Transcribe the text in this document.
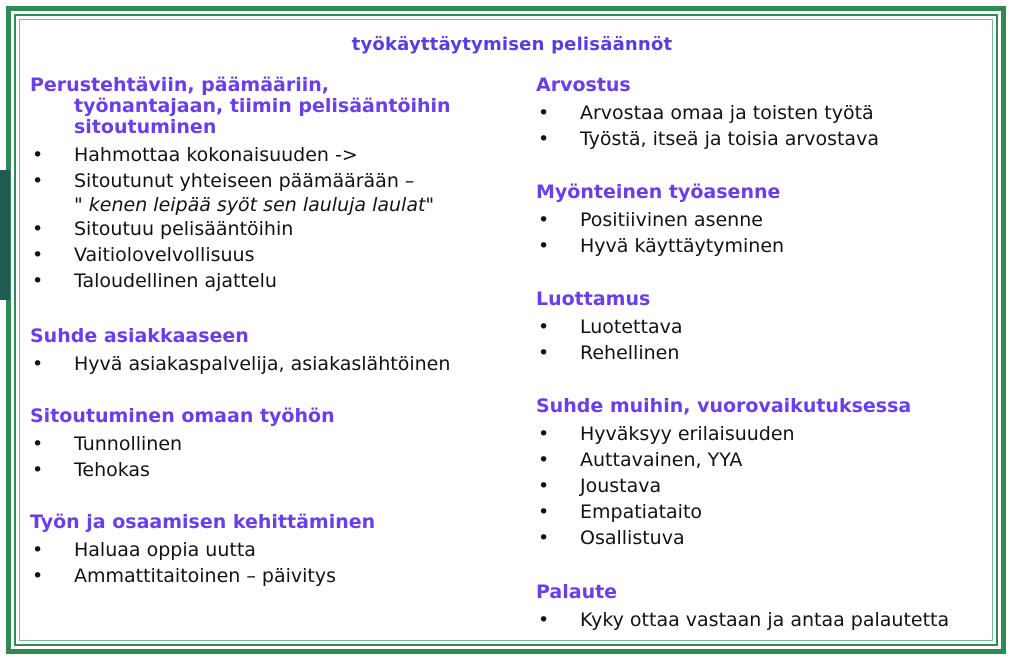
työkäyttäytymisen pelisäännöt
Perustehtäviin, päämääriin,
työnantajaan, tiimin pelisääntöihin
sitoutuminen
• Hahmottaa kokonaisuuden ->
• Sitoutunut yhteiseen päämäärään –
" kenen leipää syöt sen lauluja laulat"
• Sitoutuu pelisääntöihin
• Vaitiolovelvollisuus
• Taloudellinen ajattelu
Suhde asiakkaaseen
• Hyvä asiakaspalvelija, asiakaslähtöinen
Sitoutuminen omaan työhön
• Tunnollinen
• Tehokas
Työn ja osaamisen kehittäminen
• Haluaa oppia uutta
• Ammattitaitoinen – päivitys
Arvostus
• Arvostaa omaa ja toisten työtä
• Työstä, itseä ja toisia arvostava
Myönteinen työasenne
• Positiivinen asenne
• Hyvä käyttäytyminen
Luottamus
• Luotettava
• Rehellinen
Suhde muihin, vuorovaikutuksessa
• Hyväksyy erilaisuuden
• Auttavainen, YYA
• Joustava
• Empatiataito
• Osallistuva
Palaute
• Kyky ottaa vastaan ja antaa palautetta
